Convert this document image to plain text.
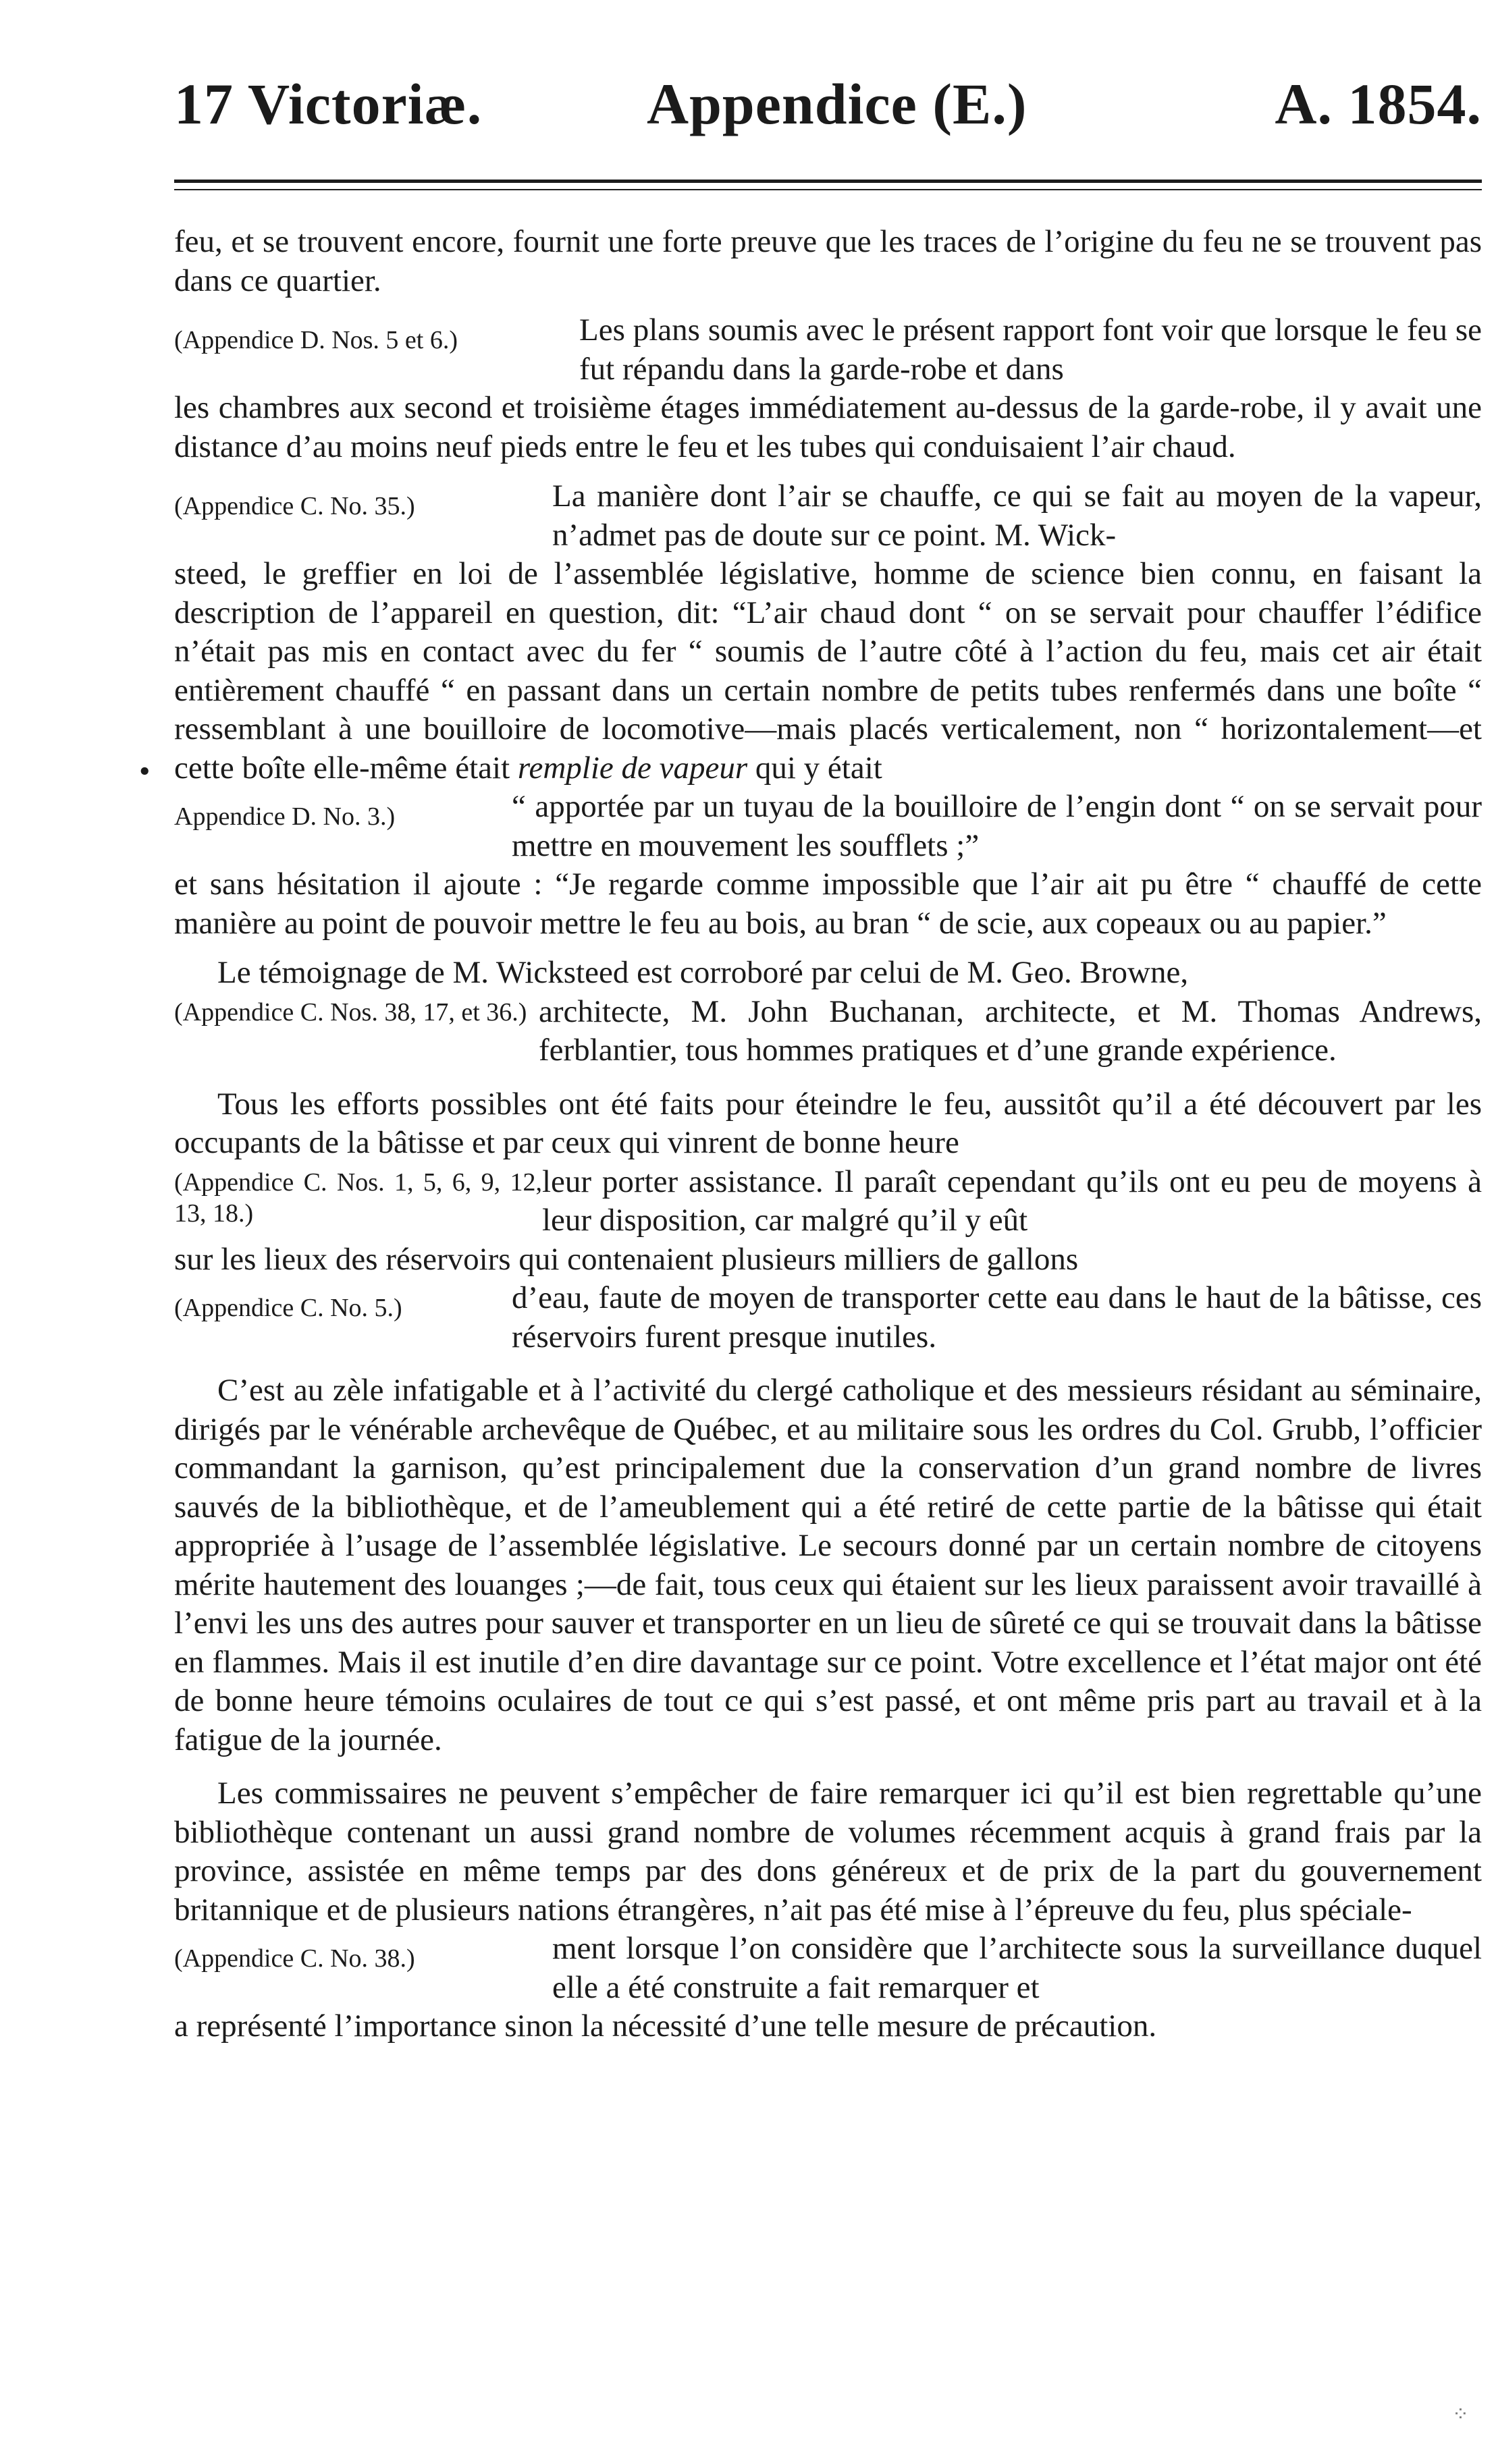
17 Victoriæ.	Appendice (E.)	A. 1854.
•

feu, et se trouvent encore, fournit une forte preuve que les traces de l’origine du feu ne se trouvent pas dans ce quartier.

(Appendice D. Nos. 5 et 6.)	Les plans soumis avec le présent rapport font voir que lorsque le feu se fut répandu dans la garde-robe et dans

les chambres aux second et troisième étages immédiatement au-dessus de la garde-robe, il y avait une distance d’au moins neuf pieds entre le feu et les tubes qui conduisaient l’air chaud.

(Appendice C. No. 35.)	La manière dont l’air se chauffe, ce qui se fait au moyen de la vapeur, n’admet pas de doute sur ce point. M. Wick-

steed, le greffier en loi de l’assemblée législative, homme de science bien connu, en faisant la description de l’appareil en question, dit: “L’air chaud dont “ on se servait pour chauffer l’édifice n’était pas mis en contact avec du fer “ soumis de l’autre côté à l’action du feu, mais cet air était entièrement chauffé “ en passant dans un certain nombre de petits tubes renfermés dans une boîte “ ressemblant à une bouilloire de locomotive—mais placés verticalement, non “ horizontalement—et cette boîte elle-même était remplie de vapeur qui y était

Appendice D. No. 3.)	“ apportée par un tuyau de la bouilloire de l’engin dont “ on se servait pour mettre en mouvement les soufflets ;”

et sans hésitation il ajoute : “Je regarde comme impossible que l’air ait pu être “ chauffé de cette manière au point de pouvoir mettre le feu au bois, au bran “ de scie, aux copeaux ou au papier.”

Le témoignage de M. Wicksteed est corroboré par celui de M. Geo. Browne,

(Appendice C. Nos. 38, 17, et 36.) architecte, M. John Buchanan, architecte, et M. Thomas Andrews, ferblantier, tous hommes pratiques et d’une grande expérience.

Tous les efforts possibles ont été faits pour éteindre le feu, aussitôt qu’il a été découvert par les occupants de la bâtisse et par ceux qui vinrent de bonne heure

(Appendice C. Nos. 1, 5, 6, 9, 12, 13, 18.)
leur porter assistance. Il paraît cependant qu’ils ont eu peu de moyens à leur disposition, car malgré qu’il y eût

sur les lieux des réservoirs qui contenaient plusieurs milliers de gallons

(Appendice C. No. 5.)	d’eau, faute de moyen de transporter cette eau dans le haut de la bâtisse, ces réservoirs furent presque inutiles.

C’est au zèle infatigable et à l’activité du clergé catholique et des messieurs résidant au séminaire, dirigés par le vénérable archevêque de Québec, et au militaire sous les ordres du Col. Grubb, l’officier commandant la garnison, qu’est principalement due la conservation d’un grand nombre de livres sauvés de la bibliothèque, et de l’ameublement qui a été retiré de cette partie de la bâtisse qui était appropriée à l’usage de l’assemblée législative. Le secours donné par un certain nombre de citoyens mérite hautement des louanges ;—de fait, tous ceux qui étaient sur les lieux paraissent avoir travaillé à l’envi les uns des autres pour sauver et transporter en un lieu de sûreté ce qui se trouvait dans la bâtisse en flammes. Mais il est inutile d’en dire davantage sur ce point. Votre excellence et l’état major ont été de bonne heure témoins oculaires de tout ce qui s’est passé, et ont même pris part au travail et à la fatigue de la journée.

Les commissaires ne peuvent s’empêcher de faire remarquer ici qu’il est bien regrettable qu’une bibliothèque contenant un aussi grand nombre de volumes récemment acquis à grand frais par la province, assistée en même temps par des dons généreux et de prix de la part du gouvernement britannique et de plusieurs nations étrangères, n’ait pas été mise à l’épreuve du feu, plus spéciale-

(Appendice C. No. 38.)	ment lorsque l’on considère que l’architecte sous la surveillance duquel elle a été construite a fait remarquer et

a représenté l’importance sinon la nécessité d’une telle mesure de précaution.

⁘
